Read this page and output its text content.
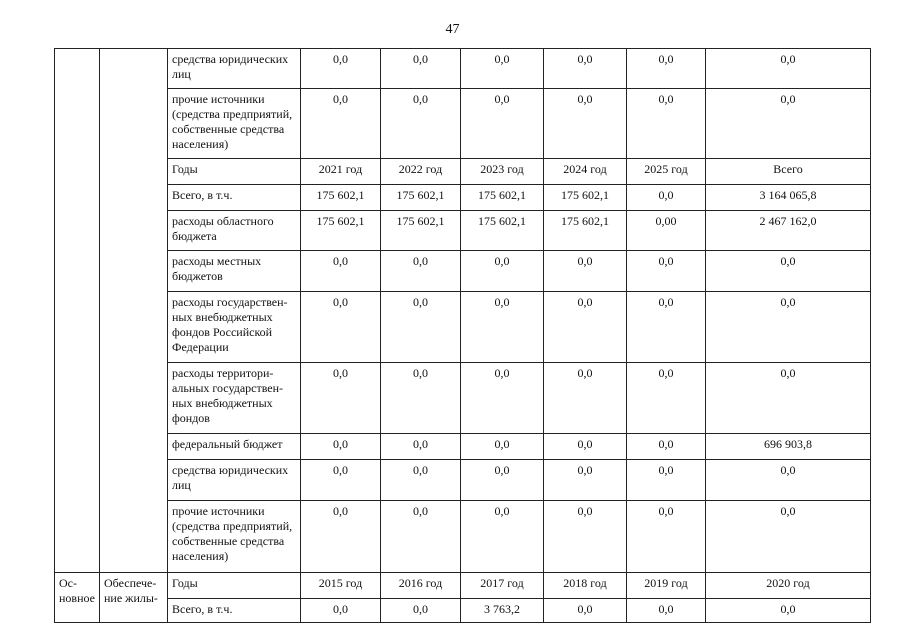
47
		средства юридических лиц	0,0	0,0	0,0	0,0	0,0	0,0
		прочие источники (средства предприятий, собственные средства населения)	0,0	0,0	0,0	0,0	0,0	0,0
		Годы	2021 год	2022 год	2023 год	2024 год	2025 год	Всего
		Всего, в т.ч.	175 602,1	175 602,1	175 602,1	175 602,1	0,0	3 164 065,8
		расходы областного бюджета	175 602,1	175 602,1	175 602,1	175 602,1	0,00	2 467 162,0
		расходы местных бюджетов	0,0	0,0	0,0	0,0	0,0	0,0
		расходы государствен-ных внебюджетных фондов Российской Федерации	0,0	0,0	0,0	0,0	0,0	0,0
		расходы территори-альных государствен-ных внебюджетных фондов	0,0	0,0	0,0	0,0	0,0	0,0
		федеральный бюджет	0,0	0,0	0,0	0,0	0,0	696 903,8
		средства юридических лиц	0,0	0,0	0,0	0,0	0,0	0,0
		прочие источники (средства предприятий, собственные средства населения)	0,0	0,0	0,0	0,0	0,0	0,0
Ос-новное	Обеспече-ние жилы-	Годы	2015 год	2016 год	2017 год	2018 год	2019 год	2020 год
		Всего, в т.ч.	0,0	0,0	3 763,2	0,0	0,0	0,0
